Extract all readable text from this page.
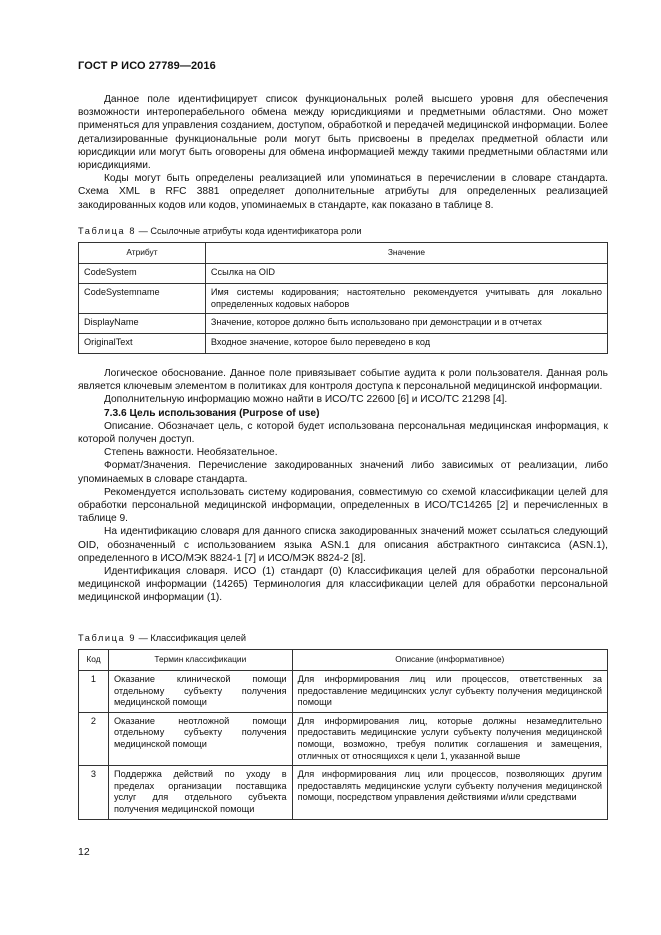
ГОСТ Р ИСО 27789—2016

Данное поле идентифицирует список функциональных ролей высшего уровня для обеспечения возможности интероперабельного обмена между юрисдикциями и предметными областями. Оно может применяться для управления созданием, доступом, обработкой и передачей медицинской информации. Более детализированные функциональные роли могут быть присвоены в пределах предметной области или юрисдикции или могут быть оговорены для обмена информацией между такими предметными областями или юрисдикциями.

Коды могут быть определены реализацией или упоминаться в перечислении в словаре стандарта. Схема XML в RFC 3881 определяет дополнительные атрибуты для определенных реализацией закодированных кодов или кодов, упоминаемых в стандарте, как показано в таблице 8.

Таблица 8 — Ссылочные атрибуты кода идентификатора роли
Атрибут	Значение
CodeSystem	Ссылка на OID
CodeSystemname	Имя системы кодирования; настоятельно рекомендуется учитывать для локально определенных кодовых наборов
DisplayName	Значение, которое должно быть использовано при демонстрации и в отчетах
OriginalText	Входное значение, которое было переведено в код

Логическое обоснование. Данное поле привязывает событие аудита к роли пользователя. Данная роль является ключевым элементом в политиках для контроля доступа к персональной медицинской информации.

Дополнительную информацию можно найти в ИСО/ТС 22600 [6] и ИСО/ТС 21298 [4].

7.3.6 Цель использования (Purpose of use)

Описание. Обозначает цель, с которой будет использована персональная медицинская информация, к которой получен доступ.

Степень важности. Необязательное.

Формат/Значения. Перечисление закодированных значений либо зависимых от реализации, либо упоминаемых в словаре стандарта.

Рекомендуется использовать систему кодирования, совместимую со схемой классификации целей для обработки персональной медицинской информации, определенных в ИСО/ТС14265 [2] и перечисленных в таблице 9.

На идентификацию словаря для данного списка закодированных значений может ссылаться следующий OID, обозначенный с использованием языка ASN.1 для описания абстрактного синтаксиса (ASN.1), определенного в ИСО/МЭК 8824-1 [7] и ИСО/МЭК 8824-2 [8].

Идентификация словаря. ИСО (1) стандарт (0) Классификация целей для обработки персональной медицинской информации (14265) Терминология для классификации целей для обработки персональной медицинской информации (1).

Таблица 9 — Классификация целей
Код	Термин классификации	Описание (информативное)
1	Оказание клинической помощи отдельному субъекту получения медицинской помощи	Для информирования лиц или процессов, ответственных за предоставление медицинских услуг субъекту получения медицинской помощи
2	Оказание неотложной помощи отдельному субъекту получения медицинской помощи	Для информирования лиц, которые должны незамедлительно предоставить медицинские услуги субъекту получения медицинской помощи, возможно, требуя политик соглашения и замещения, отличных от относящихся к цели 1, указанной выше
3	Поддержка действий по уходу в пределах организации поставщика услуг для отдельного субъекта получения медицинской помощи	Для информирования лиц или процессов, позволяющих другим предоставлять медицинские услуги субъекту получения медицинской помощи, посредством управления действиями и/или средствами
12
